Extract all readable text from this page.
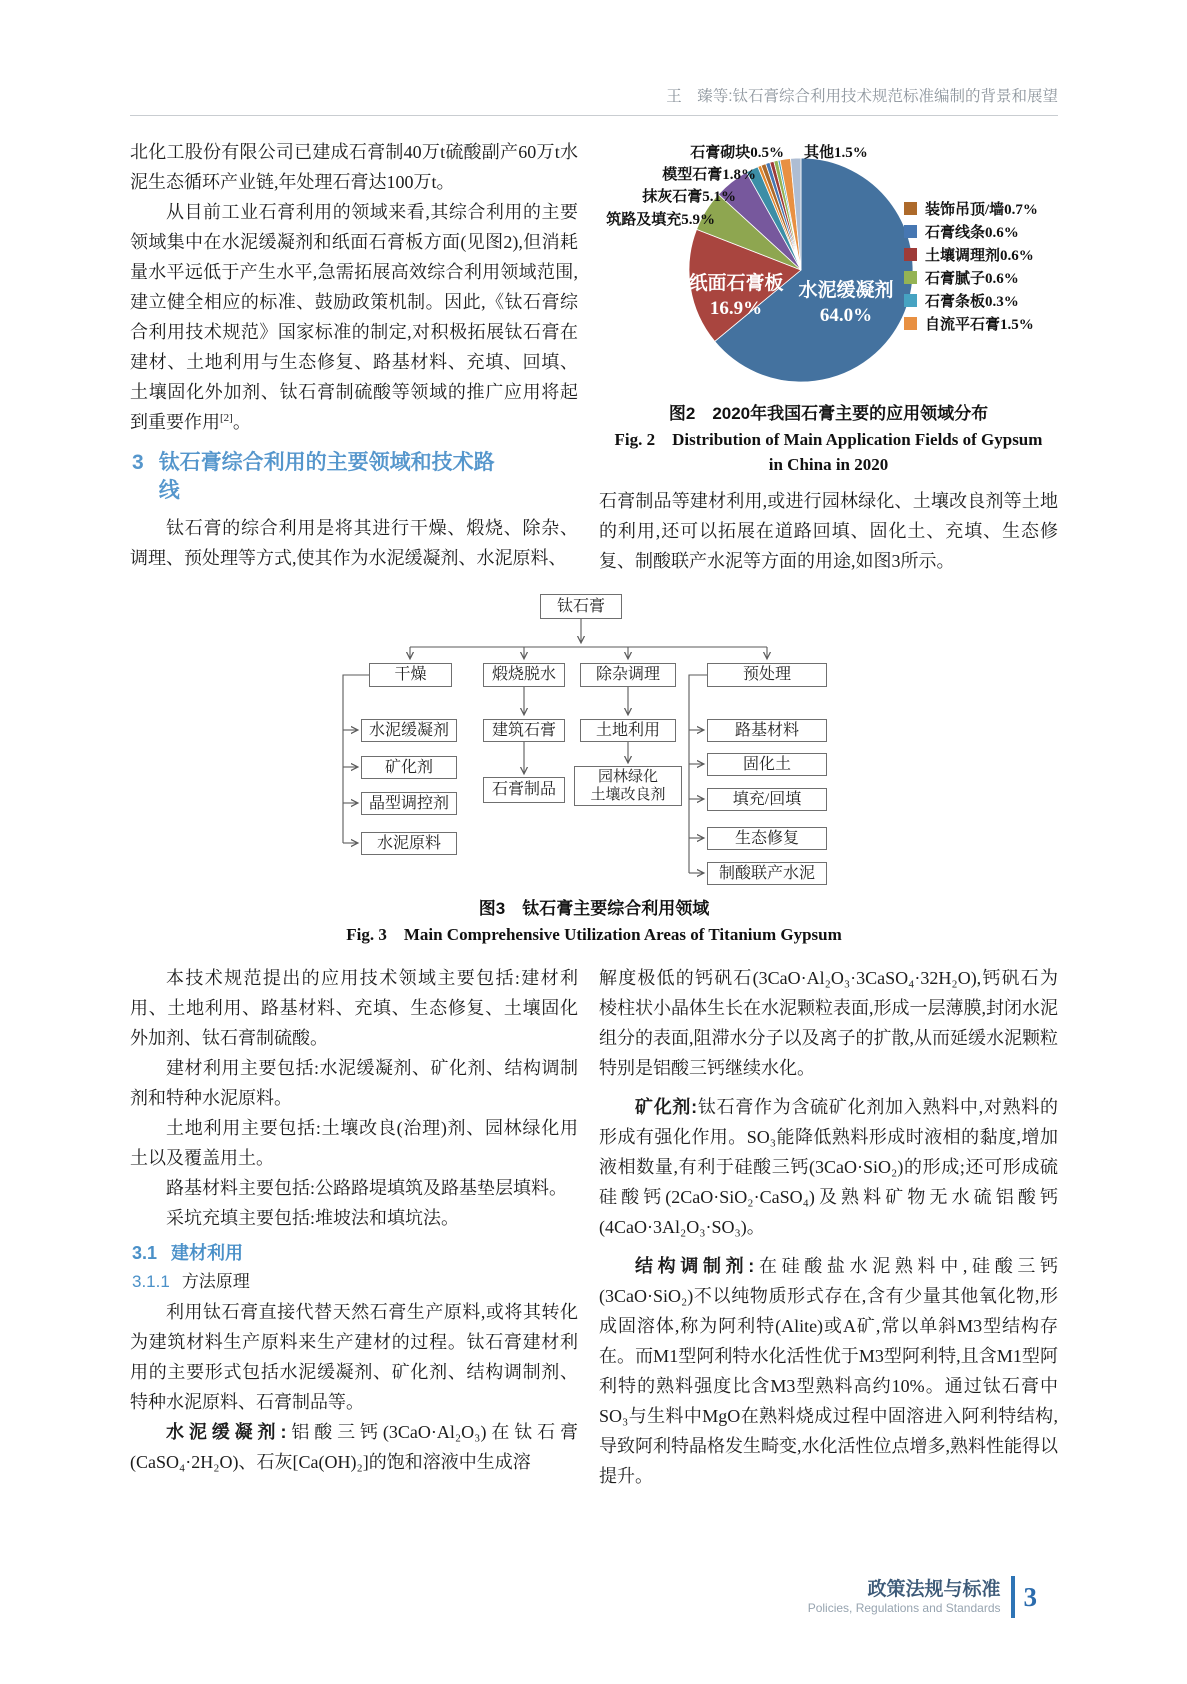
王　臻等:钛石膏综合利用技术规范标准编制的背景和展望

北化工股份有限公司已建成石膏制40万t硫酸副产60万t水泥生态循环产业链,年处理石膏达100万t。

从目前工业石膏利用的领域来看,其综合利用的主要领域集中在水泥缓凝剂和纸面石膏板方面(见图2),但消耗量水平远低于产生水平,急需拓展高效综合利用领域范围,建立健全相应的标准、鼓励政策机制。因此,《钛石膏综合利用技术规范》国家标准的制定,对积极拓展钛石膏在建材、土地利用与生态修复、路基材料、充填、回填、土壤固化外加剂、钛石膏制硫酸等领域的推广应用将起到重要作用[2]。

3 钛石膏综合利用的主要领域和技术路线

钛石膏的综合利用是将其进行干燥、煅烧、除杂、调理、预处理等方式,使其作为水泥缓凝剂、水泥原料、

其他1.5%
石膏砌块0.5%
模型石膏1.8%
抹灰石膏5.1%
筑路及填充5.9%
纸面石膏板
16.9%
水泥缓凝剂
64.0%
装饰吊顶/墙0.7%
石膏线条0.6%
土壤调理剂0.6%
石膏腻子0.6%
石膏条板0.3%
自流平石膏1.5%
图2　2020年我国石膏主要的应用领域分布
Fig. 2　Distribution of Main Application Fields of Gypsum
in China in 2020

石膏制品等建材利用,或进行园林绿化、土壤改良剂等土地的利用,还可以拓展在道路回填、固化土、充填、生态修复、制酸联产水泥等方面的用途,如图3所示。

钛石膏
干燥	煅烧脱水	除杂调理	预处理
水泥缓凝剂
矿化剂
晶型调控剂
水泥原料
建筑石膏
石膏制品
土地利用
园林绿化
土壤改良剂
路基材料
固化土
填充/回填
生态修复
制酸联产水泥
图3　钛石膏主要综合利用领域
Fig. 3　Main Comprehensive Utilization Areas of Titanium Gypsum

本技术规范提出的应用技术领域主要包括:建材利用、土地利用、路基材料、充填、生态修复、土壤固化外加剂、钛石膏制硫酸。

建材利用主要包括:水泥缓凝剂、矿化剂、结构调制剂和特种水泥原料。

土地利用主要包括:土壤改良(治理)剂、园林绿化用土以及覆盖用土。

路基材料主要包括:公路路堤填筑及路基垫层填料。

采坑充填主要包括:堆坡法和填坑法。

3.1 建材利用
3.1.1 方法原理

利用钛石膏直接代替天然石膏生产原料,或将其转化为建筑材料生产原料来生产建材的过程。钛石膏建材利用的主要形式包括水泥缓凝剂、矿化剂、结构调制剂、特种水泥原料、石膏制品等。

水泥缓凝剂:铝酸三钙(3CaO·Al₂O₃)在钛石膏(CaSO₄·2H₂O)、石灰[Ca(OH)₂]的饱和溶液中生成溶

解度极低的钙矾石(3CaO·Al₂O₃·3CaSO₄·32H₂O),钙矾石为棱柱状小晶体生长在水泥颗粒表面,形成一层薄膜,封闭水泥组分的表面,阻滞水分子以及离子的扩散,从而延缓水泥颗粒特别是铝酸三钙继续水化。

矿化剂:钛石膏作为含硫矿化剂加入熟料中,对熟料的形成有强化作用。SO₃能降低熟料形成时液相的黏度,增加液相数量,有利于硅酸三钙(3CaO·SiO₂)的形成;还可形成硫硅酸钙(2CaO·SiO₂·CaSO₄)及熟料矿物无水硫铝酸钙(4CaO·3Al₂O₃·SO₃)。

结构调制剂:在硅酸盐水泥熟料中,硅酸三钙(3CaO·SiO₂)不以纯物质形式存在,含有少量其他氧化物,形成固溶体,称为阿利特(Alite)或A矿,常以单斜M3型结构存在。而M1型阿利特水化活性优于M3型阿利特,且含M1型阿利特的熟料强度比含M3型熟料高约10%。通过钛石膏中SO₃与生料中MgO在熟料烧成过程中固溶进入阿利特结构,导致阿利特晶格发生畸变,水化活性位点增多,熟料性能得以提升。

政策法规与标准
Policies, Regulations and Standards 3
